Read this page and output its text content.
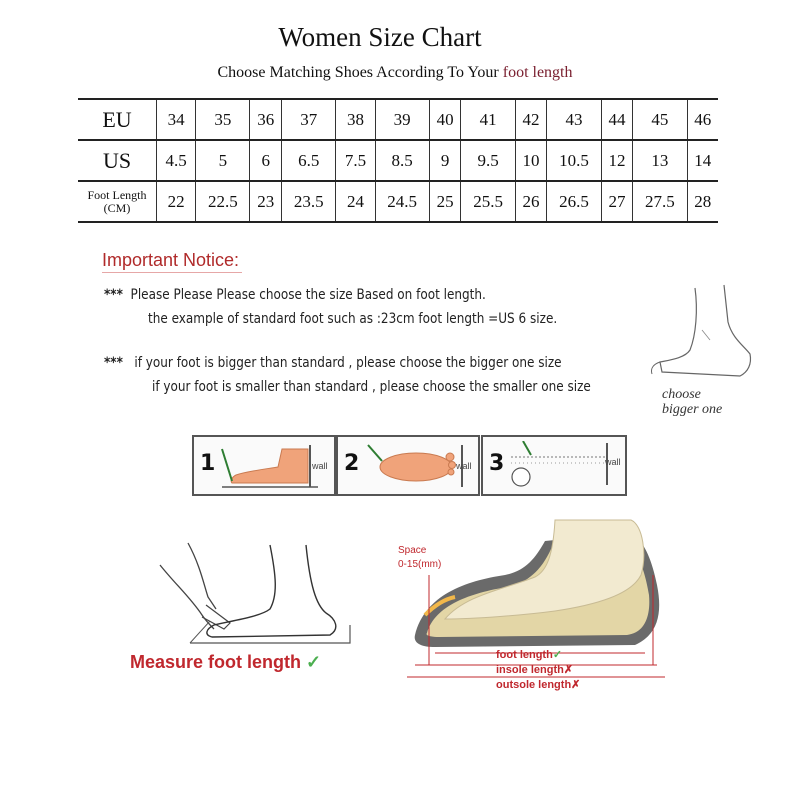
Women Size Chart
Choose Matching Shoes According To Your foot length
EU	34	35	36	37	38	39	40	41	42	43	44	45	46
US	4.5	5	6	6.5	7.5	8.5	9	9.5	10	10.5	12	13	14
Foot Length
(CM)	22	22.5	23	23.5	24	24.5	25	25.5	26	26.5	27	27.5	28
Important Notice:
*** Please Please Please choose the size Based on foot length.
the example of standard foot such as :23cm foot length =US 6 size.
*** if your foot is bigger than standard , please choose the bigger one size
if your foot is smaller than standard , please choose the smaller one size	choose
bigger one
1	wall 2	wall 3	wall
Measure foot length ✓
Space
0-15(mm)
foot length✓
insole length✗
outsole length✗
